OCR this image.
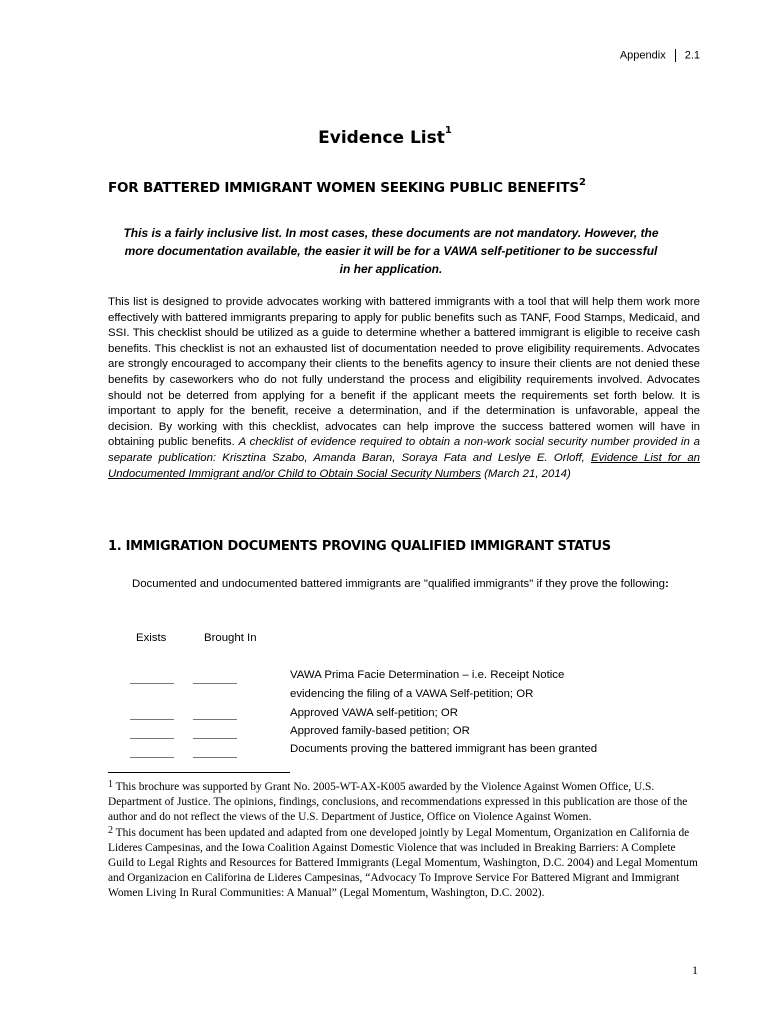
Appendix 2.1
Evidence List$^1$
FOR BATTERED IMMIGRANT WOMEN SEEKING PUBLIC BENEFITS$^2$
This is a fairly inclusive list. In most cases, these documents are not mandatory. However, the more documentation available, the easier it will be for a VAWA self-petitioner to be successful in her application.
This list is designed to provide advocates working with battered immigrants with a tool that will help them work more effectively with battered immigrants preparing to apply for public benefits such as TANF, Food Stamps, Medicaid, and SSI. This checklist should be utilized as a guide to determine whether a battered immigrant is eligible to receive cash benefits. This checklist is not an exhausted list of documentation needed to prove eligibility requirements. Advocates are strongly encouraged to accompany their clients to the benefits agency to insure their clients are not denied these benefits by caseworkers who do not fully understand the process and eligibility requirements involved. Advocates should not be deterred from applying for a benefit if the applicant meets the requirements set forth below. It is important to apply for the benefit, receive a determination, and if the determination is unfavorable, appeal the decision. By working with this checklist, advocates can help improve the success battered women will have in obtaining public benefits. A checklist of evidence required to obtain a non-work social security number provided in a separate publication: Krisztina Szabo, Amanda Baran, Soraya Fata and Leslye E. Orloff, Evidence List for an Undocumented Immigrant and/or Child to Obtain Social Security Numbers (March 21, 2014)
1. IMMIGRATION DOCUMENTS PROVING QUALIFIED IMMIGRANT STATUS
Documented and undocumented battered immigrants are "qualified immigrants" if they prove the following:
Exists	Brought In
VAWA Prima Facie Determination – i.e. Receipt Notice
evidencing the filing of a VAWA Self-petition; OR
Approved VAWA self-petition; OR
Approved family-based petition; OR
Documents proving the battered immigrant has been granted

$^1$ This brochure was supported by Grant No. 2005-WT-AX-K005 awarded by the Violence Against Women Office, U.S. Department of Justice. The opinions, findings, conclusions, and recommendations expressed in this publication are those of the author and do not reflect the views of the U.S. Department of Justice, Office on Violence Against Women.

$^2$ This document has been updated and adapted from one developed jointly by Legal Momentum, Organization en California de Lideres Campesinas, and the Iowa Coalition Against Domestic Violence that was included in Breaking Barriers: A Complete Guild to Legal Rights and Resources for Battered Immigrants (Legal Momentum, Washington, D.C. 2004) and Legal Momentum and Organizacion en Califorina de Lideres Campesinas, “Advocacy To Improve Service For Battered Migrant and Immigrant Women Living In Rural Communities: A Manual” (Legal Momentum, Washington, D.C. 2002).

1
